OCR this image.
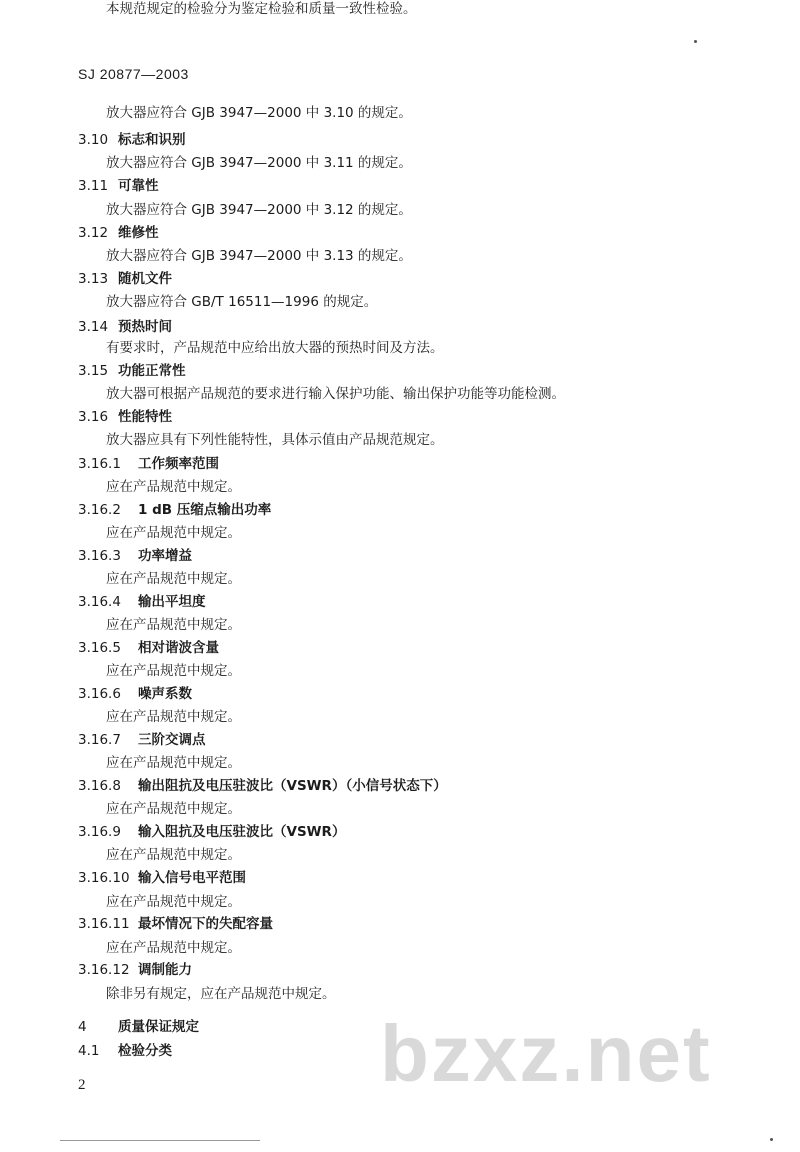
SJ 20877—2003
放大器应符合 GJB 3947—2000 中 3.10 的规定。
3.10 标志和识别
放大器应符合 GJB 3947—2000 中 3.11 的规定。
3.11 可靠性
放大器应符合 GJB 3947—2000 中 3.12 的规定。
3.12 维修性
放大器应符合 GJB 3947—2000 中 3.13 的规定。
3.13 随机文件
放大器应符合 GB/T 16511—1996 的规定。
3.14 预热时间
有要求时，产品规范中应给出放大器的预热时间及方法。
3.15 功能正常性
放大器可根据产品规范的要求进行输入保护功能、输出保护功能等功能检测。
3.16 性能特性
放大器应具有下列性能特性，具体示值由产品规范规定。
3.16.1 工作频率范围
应在产品规范中规定。
3.16.2 1 dB 压缩点输出功率
应在产品规范中规定。
3.16.3 功率增益
应在产品规范中规定。
3.16.4 输出平坦度
应在产品规范中规定。
3.16.5 相对谐波含量
应在产品规范中规定。
3.16.6 噪声系数
应在产品规范中规定。
3.16.7 三阶交调点
应在产品规范中规定。
3.16.8 输出阻抗及电压驻波比（VSWR）（小信号状态下）
应在产品规范中规定。
3.16.9 输入阻抗及电压驻波比（VSWR）
应在产品规范中规定。
3.16.10 输入信号电平范围
应在产品规范中规定。
3.16.11 最坏情况下的失配容量
应在产品规范中规定。
3.16.12 调制能力
除非另有规定，应在产品规范中规定。
4 质量保证规定
4.1 检验分类
本规范规定的检验分为鉴定检验和质量一致性检验。
bzxz.net
2
